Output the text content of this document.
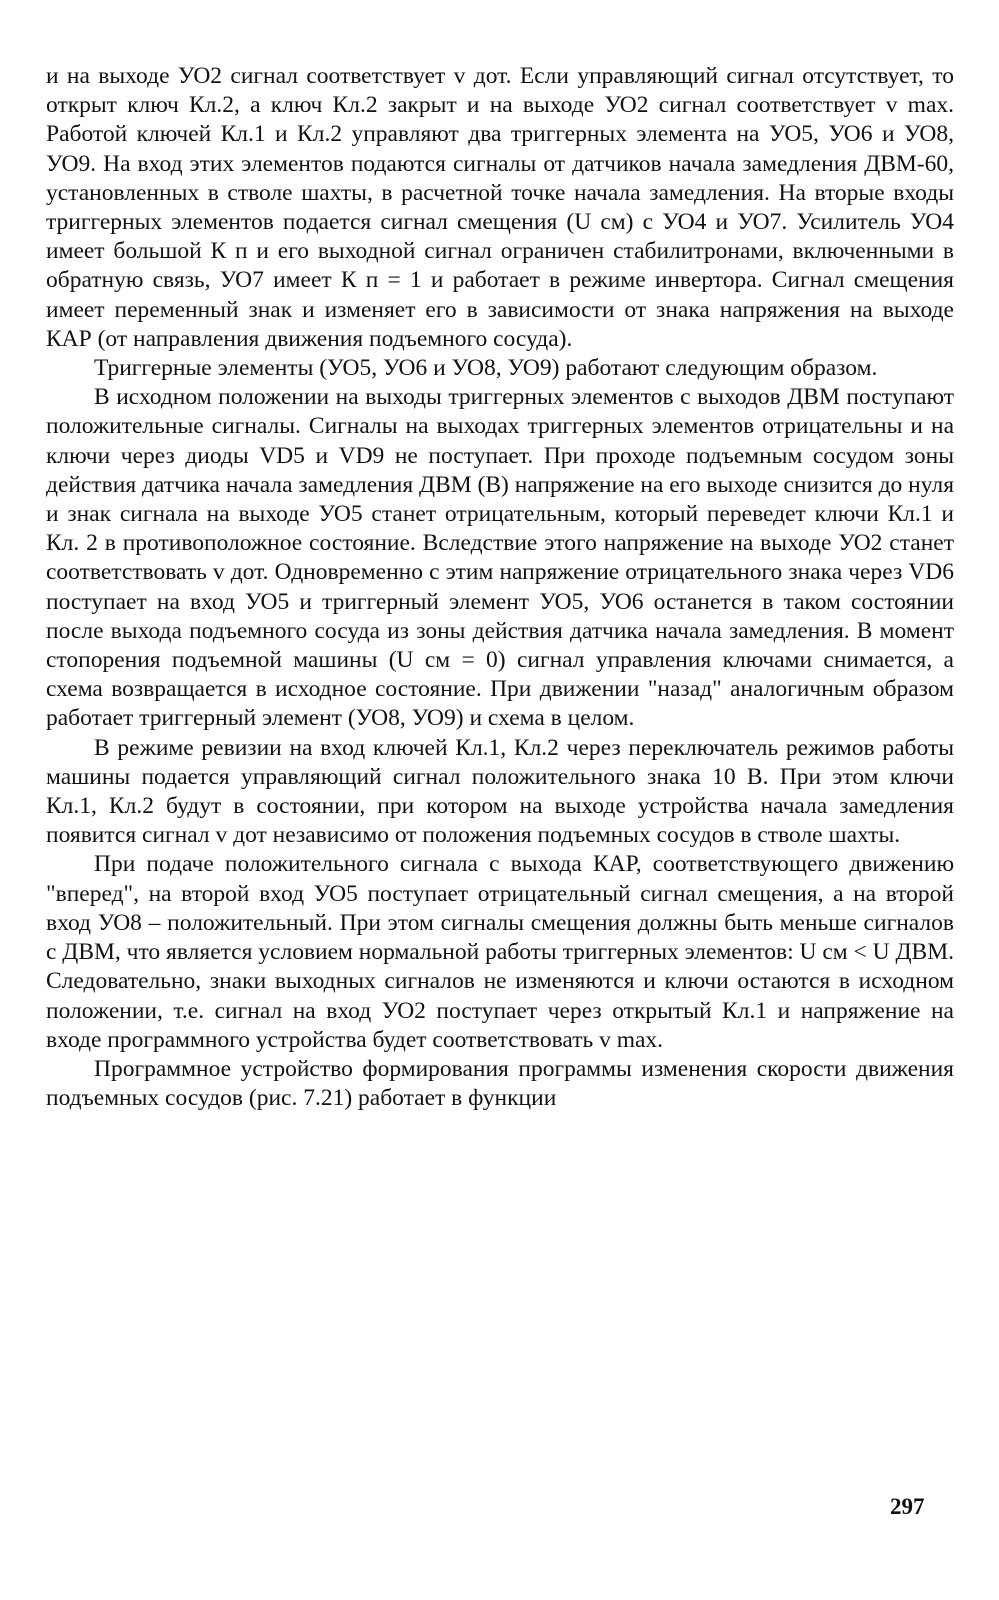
и на выходе УО2 сигнал соответствует v дот. Если управляющий сигнал отсутствует, то открыт ключ Кл.2, а ключ Кл.2 закрыт и на выходе УО2 сигнал соответствует v max. Работой ключей Кл.1 и Кл.2 управляют два триггерных элемента на УО5, УО6 и УО8, УО9. На вход этих элементов подаются сигналы от датчиков начала замедления ДВМ-60, установленных в стволе шахты, в расчетной точке начала замедления. На вторые входы триггерных элементов подается сигнал смещения (U см) с УО4 и УО7. Усилитель УО4 имеет большой К п и его выходной сигнал ограничен стабилитронами, включенными в обратную связь, УО7 имеет К п = 1 и работает в режиме инвертора. Сигнал смещения имеет переменный знак и изменяет его в зависимости от знака напряжения на выходе КАР (от направления движения подъемного сосуда).

Триггерные элементы (УО5, УО6 и УО8, УО9) работают следующим образом.

В исходном положении на выходы триггерных элементов с выходов ДВМ поступают положительные сигналы. Сигналы на выходах триггерных элементов отрицательны и на ключи через диоды VD5 и VD9 не поступает. При проходе подъемным сосудом зоны действия датчика начала замедления ДВМ (В) напряжение на его выходе снизится до нуля и знак сигнала на выходе УО5 станет отрицательным, который переведет ключи Кл.1 и Кл. 2 в противоположное состояние. Вследствие этого напряжение на выходе УО2 станет соответствовать v дот. Одновременно с этим напряжение отрицательного знака через VD6 поступает на вход УО5 и триггерный элемент УО5, УО6 останется в таком состоянии после выхода подъемного сосуда из зоны действия датчика начала замедления. В момент стопорения подъемной машины (U см = 0) сигнал управления ключами снимается, а схема возвращается в исходное состояние. При движении "назад" аналогичным образом работает триггерный элемент (УО8, УО9) и схема в целом.

В режиме ревизии на вход ключей Кл.1, Кл.2 через переключатель режимов работы машины подается управляющий сигнал положительного знака 10 В. При этом ключи Кл.1, Кл.2 будут в состоянии, при котором на выходе устройства начала замедления появится сигнал v дот независимо от положения подъемных сосудов в стволе шахты.

При подаче положительного сигнала с выхода КАР, соответствующего движению "вперед", на второй вход УО5 поступает отрицательный сигнал смещения, а на второй вход УО8 – положительный. При этом сигналы смещения должны быть меньше сигналов с ДВМ, что является условием нормальной работы триггерных элементов: U см < U ДВМ. Следовательно, знаки выходных сигналов не изменяются и ключи остаются в исходном положении, т.е. сигнал на вход УО2 поступает через открытый Кл.1 и напряжение на входе программного устройства будет соответствовать v max.

Программное устройство формирования программы изменения скорости движения подъемных сосудов (рис. 7.21) работает в функции

297
